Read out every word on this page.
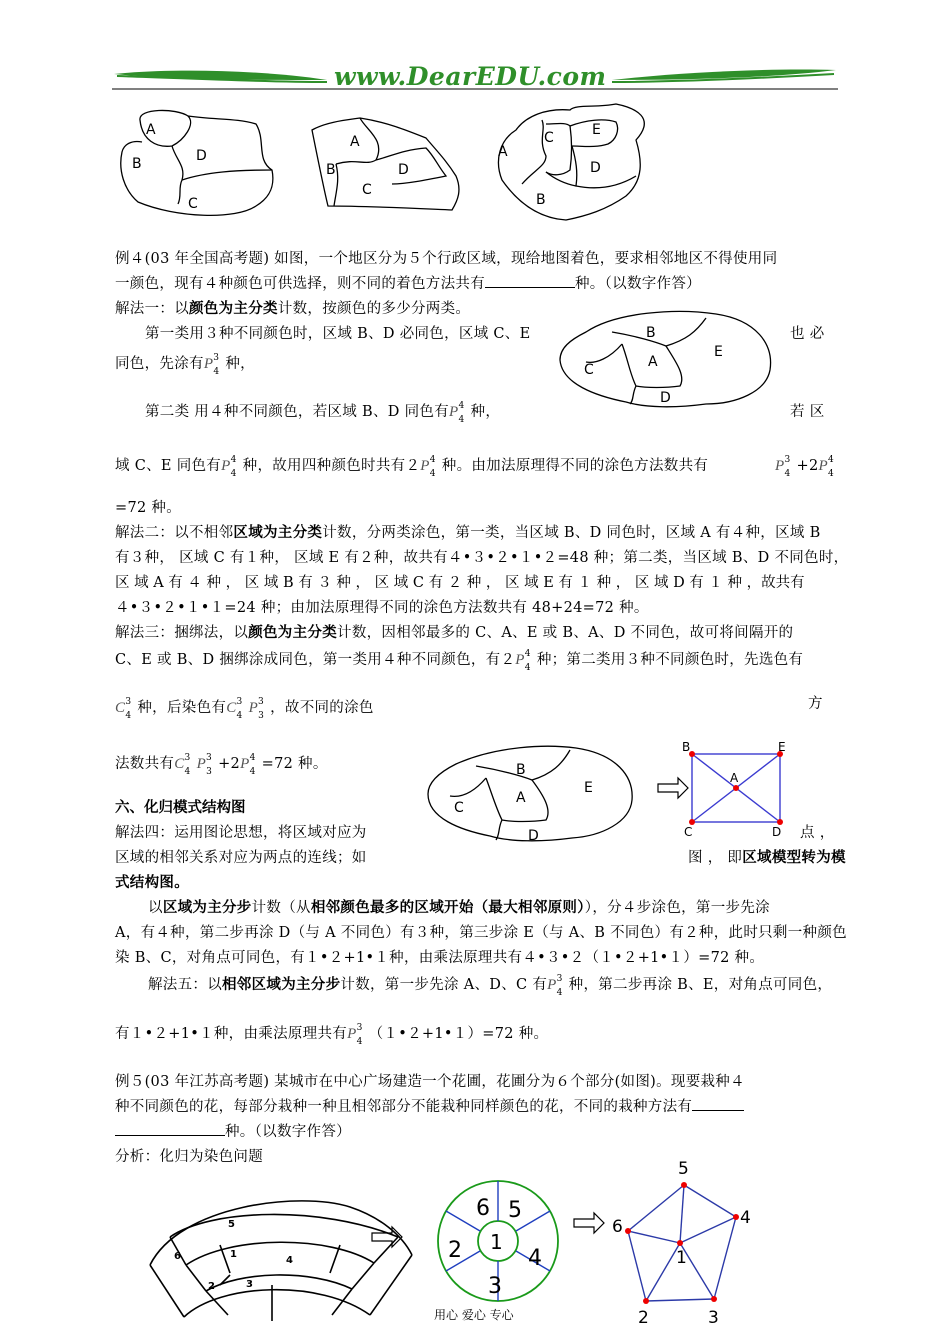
www.DearEDU.com
A
B	D
C
A
B
C
D
A
C	E
D
B
例４(03 年全国高考题) 如图，一个地区分为５个行政区域，现给地图着色，要求相邻地区不得使用同
一颜色，现有４种颜色可供选择，则不同的着色方法共有	种。（以数字作答）
解法一：以颜色为主分类计数，按颜色的多少分两类。
第一类用３种不同颜色时，区域 B、D 必同色，区域 C、E	也 必
同色，先涂有$P^3_4$ 种，
B
E
A
C
D
第二类 用４种不同颜色，若区域 B、D 同色有$P^4_4$ 种，	若 区
域 C、E 同色有$P^4_4$ 种，故用四种颜色时共有$2P^4_4$ 种。由加法原理得不同的涂色方法数共有	$P^3_4 +2P^4_4$
=72 种。
解法二：以不相邻区域为主分类计数，分两类涂色，第一类，当区域 B、D 同色时，区域 A 有４种，区域 B
有３种， 区域 C 有１种， 区域 E 有２种，故共有４•３•２•１•２=48 种；第二类，当区域 B、D 不同色时，
区 域 A 有 ４ 种 ， 区 域 B 有 ３ 种 ， 区 域 C 有 ２ 种 ， 区 域 E 有 １ 种 ， 区 域 D 有 １ 种 ，故共有
４•３•２•１•１=24 种；由加法原理得不同的涂色方法数共有 48+24=72 种。
解法三：捆绑法，以颜色为主分类计数，因相邻最多的 C、A、E 或 B、A、D 不同色，故可将间隔开的
C、E 或 B、D 捆绑涂成同色，第一类用４种不同颜色，有$2P^4_4$ 种；第二类用３种不同颜色时，先选色有
$C^3_4$ 种，后染色有$C^3_4$ $P^3_3$ ，故不同的涂色	方
法数共有$C^3_4$ $P^3_3 +2P^4_4 =72$ 种。	B
E
A
C
D
B	E
A
C	D
六、化归模式结构图
解法四：运用图论思想，将区域对应为	点 ，
区域的相邻关系对应为两点的连线；如	图 ， 即区域模型转为模
式结构图。
以区域为主分步计数（从相邻颜色最多的区域开始（最大相邻原则）），分４步涂色，第一步先涂
A，有４种，第二步再涂 D（与 A 不同色）有３种，第三步涂 E（与 A、B 不同色）有２种，此时只剩一种颜色
染 B、C，对角点可同色，有１•２+1•１种，由乘法原理共有４•３•２（１•２+1•１）=72 种。
解法五：以相邻区域为主分步计数，第一步先涂 A、D、C 有$P^3_4$ 种，第二步再涂 B、E，对角点可同色，
有１•２+1•１种，由乘法原理共有$P^3_4$ （１•２+1•１）=72 种。
例５(03 年江苏高考题) 某城市在中心广场建造一个花圃，花圃分为６个部分(如图)。现要栽种４
种不同颜色的花，每部分栽种一种且相邻部分不能栽种同样颜色的花，不同的栽种方法有
种。（以数字作答）
分析：化归为染色问题
5
6	1
4
2	3
6 5
1
2	4
3
5
6	4
1
2	3
用心 爱心 专心
